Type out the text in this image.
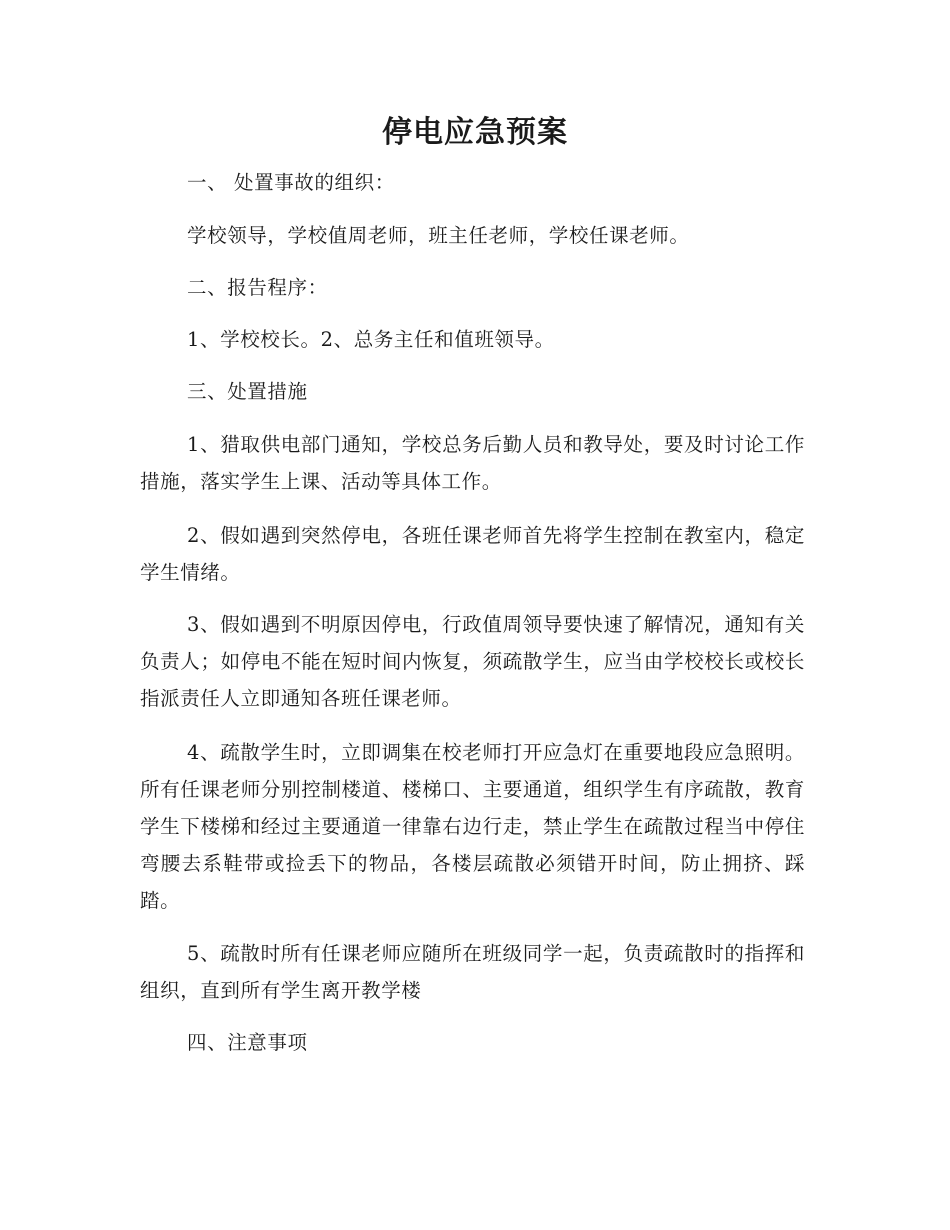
停电应急预案

一、 处置事故的组织：

学校领导，学校值周老师，班主任老师，学校任课老师。

二、报告程序：

1、学校校长。2、总务主任和值班领导。

三、处置措施

1、猎取供电部门通知，学校总务后勤人员和教导处，要及时讨论工作措施，落实学生上课、活动等具体工作。

2、假如遇到突然停电，各班任课老师首先将学生控制在教室内，稳定学生情绪。

3、假如遇到不明原因停电，行政值周领导要快速了解情况，通知有关负责人；如停电不能在短时间内恢复，须疏散学生，应当由学校校长或校长指派责任人立即通知各班任课老师。

4、疏散学生时，立即调集在校老师打开应急灯在重要地段应急照明。所有任课老师分别控制楼道、楼梯口、主要通道，组织学生有序疏散，教育学生下楼梯和经过主要通道一律靠右边行走，禁止学生在疏散过程当中停住弯腰去系鞋带或捡丢下的物品，各楼层疏散必须错开时间，防止拥挤、踩踏。

5、疏散时所有任课老师应随所在班级同学一起，负责疏散时的指挥和组织，直到所有学生离开教学楼

四、注意事项
